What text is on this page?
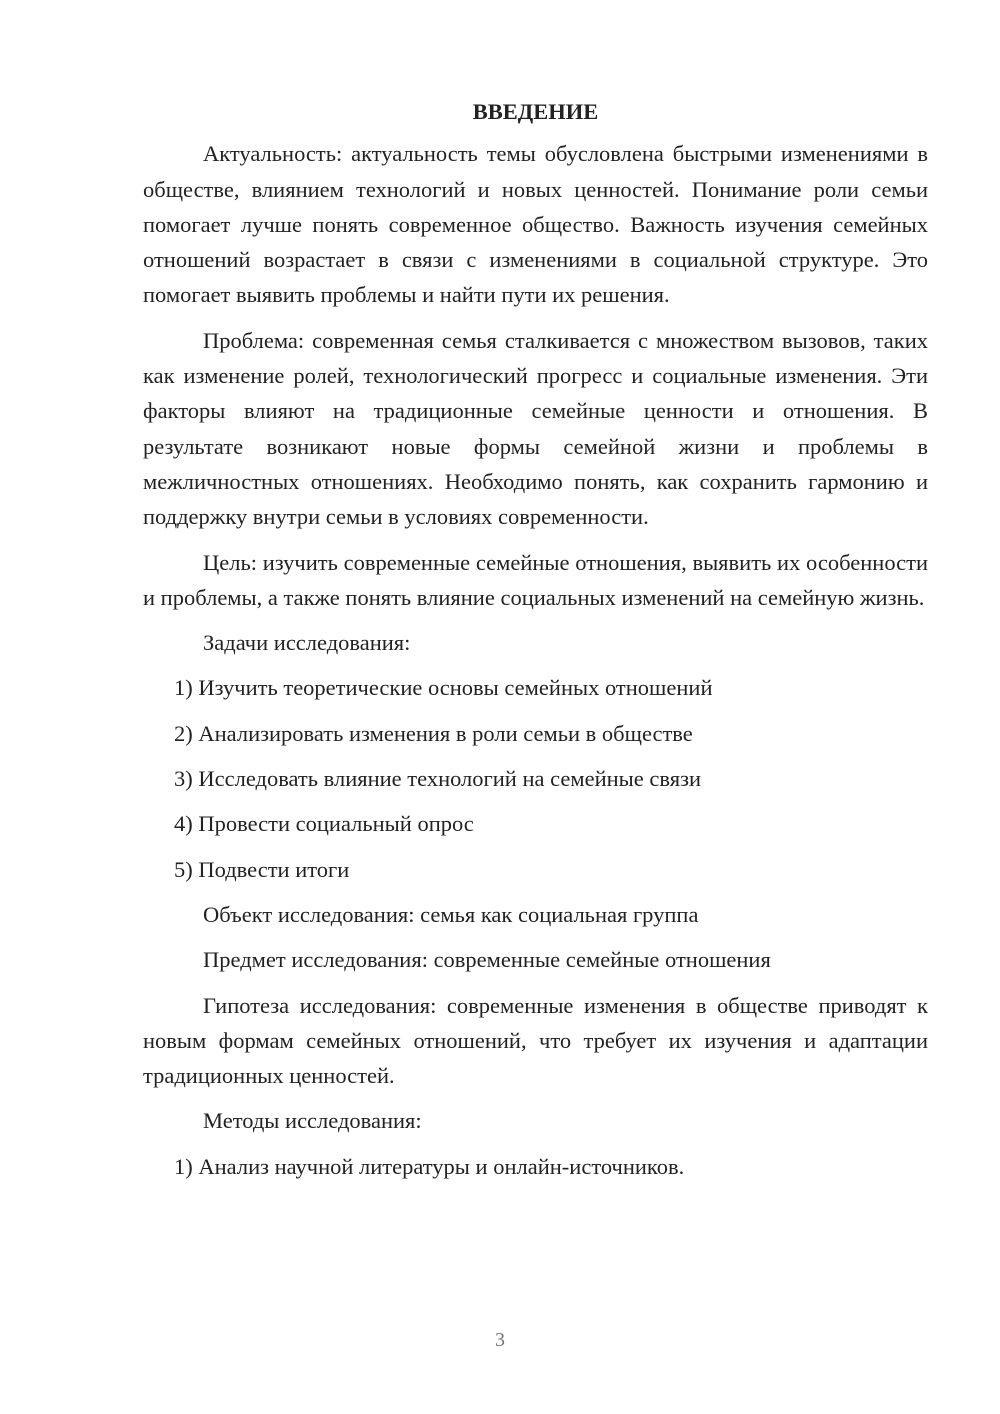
ВВЕДЕНИЕ

Актуальность: актуальность темы обусловлена быстрыми изменениями в обществе, влиянием технологий и новых ценностей. Понимание роли семьи помогает лучше понять современное общество. Важность изучения семейных отношений возрастает в связи с изменениями в социальной структуре. Это помогает выявить проблемы и найти пути их решения.

Проблема: современная семья сталкивается с множеством вызовов, таких как изменение ролей, технологический прогресс и социальные изменения. Эти факторы влияют на традиционные семейные ценности и отношения. В результате возникают новые формы семейной жизни и проблемы в межличностных отношениях. Необходимо понять, как сохранить гармонию и поддержку внутри семьи в условиях современности.

Цель: изучить современные семейные отношения, выявить их особенности и проблемы, а также понять влияние социальных изменений на семейную жизнь.

Задачи исследования:
1) Изучить теоретические основы семейных отношений
2) Анализировать изменения в роли семьи в обществе
3) Исследовать влияние технологий на семейные связи
4) Провести социальный опрос
5) Подвести итоги
Объект исследования: семья как социальная группа
Предмет исследования: современные семейные отношения

Гипотеза исследования: современные изменения в обществе приводят к новым формам семейных отношений, что требует их изучения и адаптации традиционных ценностей.

Методы исследования:
1) Анализ научной литературы и онлайн-источников.
3
